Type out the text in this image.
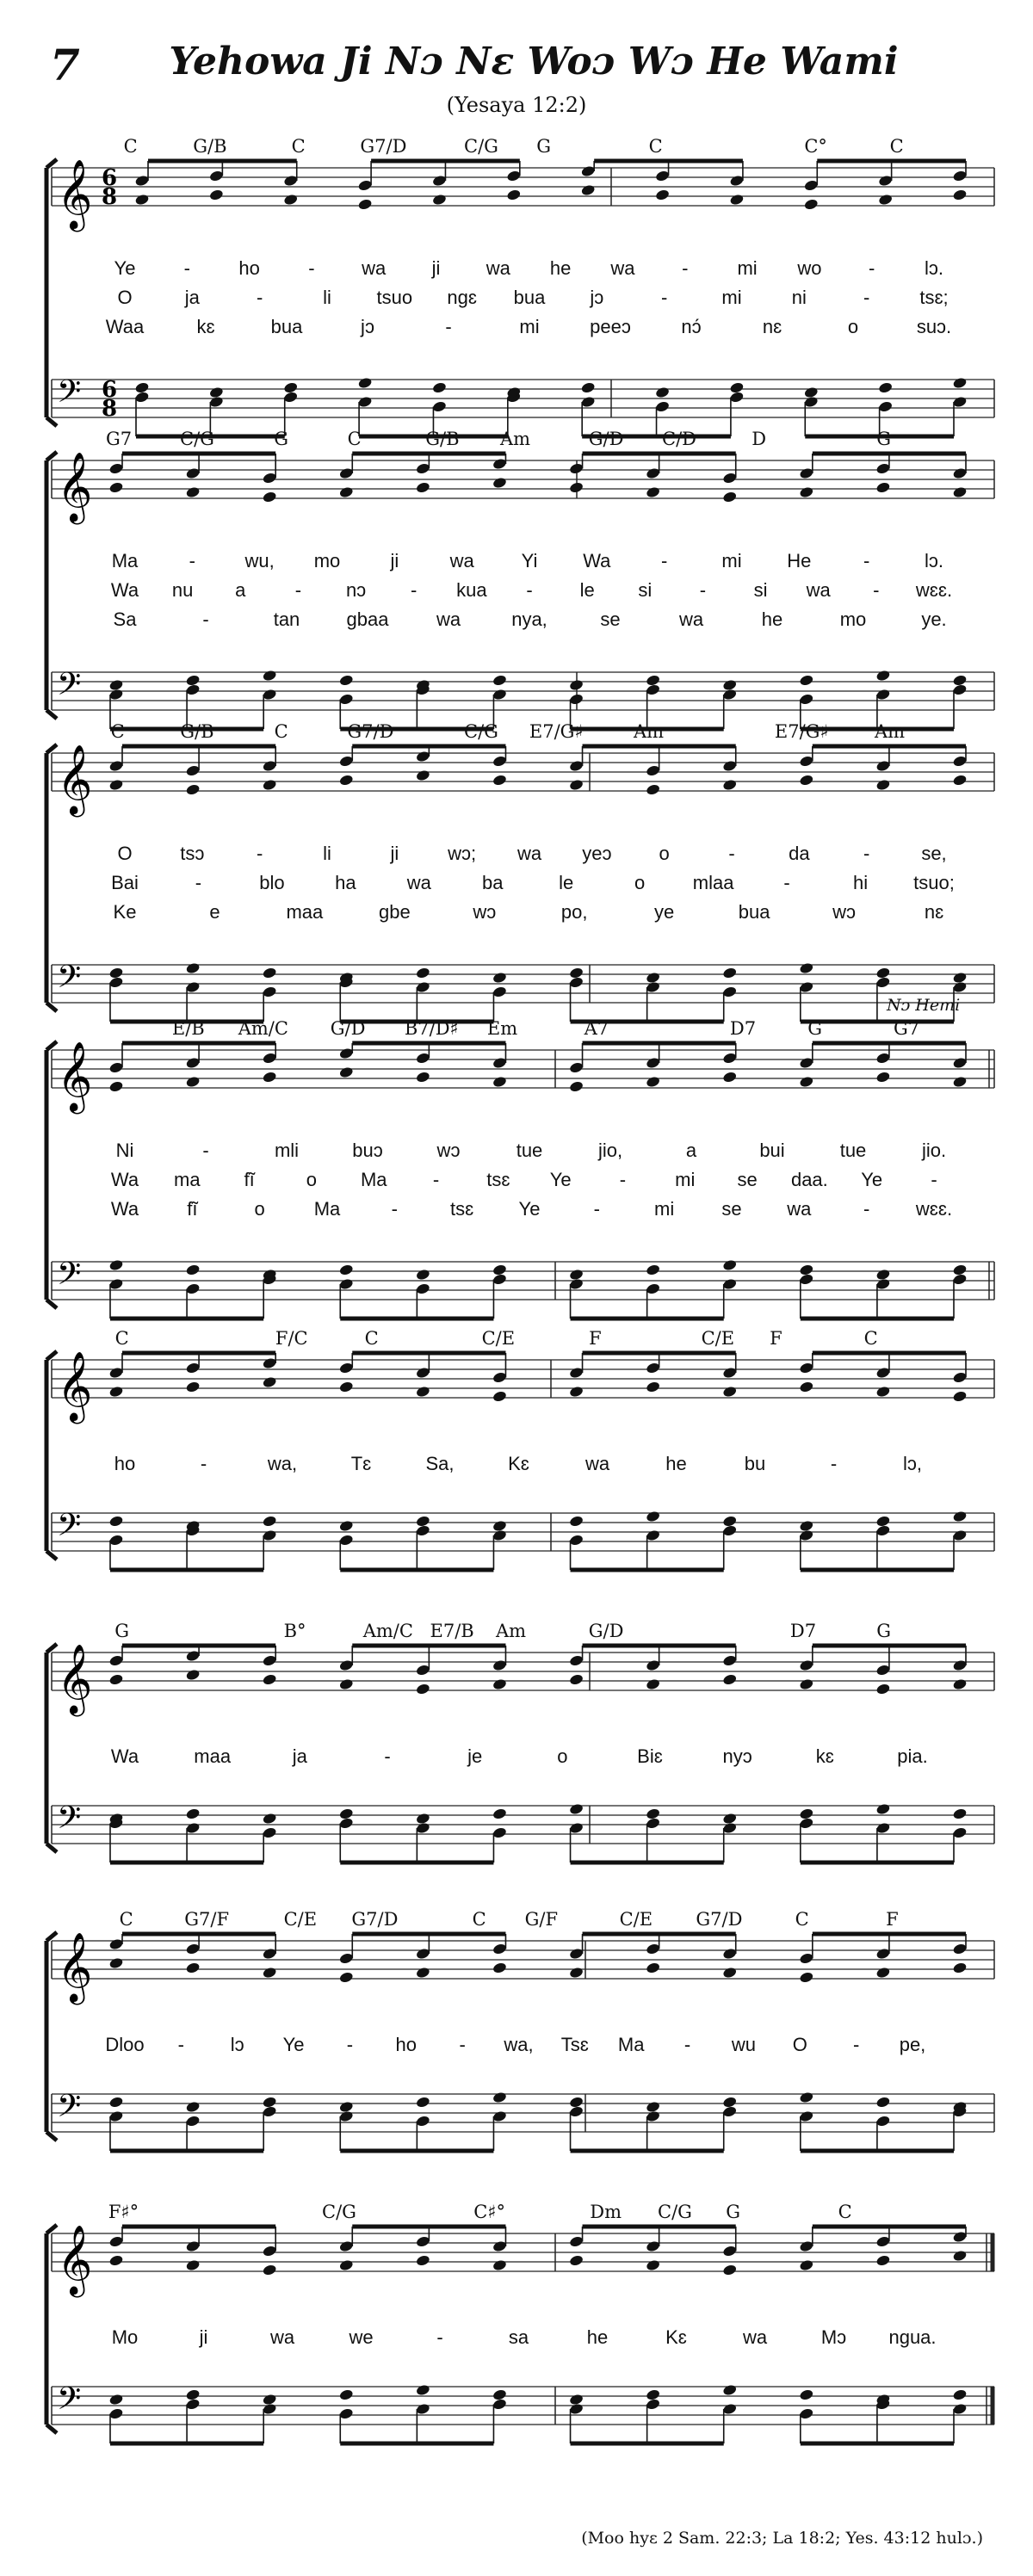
7	Yehowa Ji Nɔ Nɛ Woɔ Wɔ He Wami
(Yesaya 12:2)
𝄞
𝄢
6
8
6
8
𝄞
𝄢
𝄞
𝄢
𝄞
𝄢
𝄞
𝄢
𝄞
𝄢
𝄞
𝄢
𝄞
𝄢
C	G/B	C	G7/D	C/G G	C	C°	C
Ye	-	ho	- wa ji wa he wa -	mi wo -	lɔ.
O	ja	-	li tsuo ngɛ bua jɔ	-	mi	ni	-	tsɛ;
Waa	kɛ	bua	jɔ	-	mi	peeɔ	nɔ́	nɛ	o	suɔ.
G7	C/G	G	C	G/B Am	G/D C/D	D	G
Ma	-	wu, mo	ji	wa Yi Wa	-	mi He	-	lɔ.
Wa nu a	- nɔ - kua - le si	-	si wa - wɛɛ.
Sa	-	tan gbaa	wa	nya,	se	wa	he	mo	ye.
C	G/B	C	G7/D	C/G E7/G♯	Am	E7/G♯	Am
O	tsɔ	-	li	ji	wɔ; wa yeɔ	o	-	da	-	se,
Bai	-	blo	ha	wa	ba	le	o	mlaa	-	hi tsuo;
Ke	e	maa	gbe	wɔ	po,	ye	bua	wɔ	nɛ
E/B Am/C G/D B7/D♯ Em	A7	D7	G	G7
Nɔ Hemi
Ni	-	mli	buɔ	wɔ	tue	jio,	a	bui	tue	jio.
Wa ma fĩ	o Ma -	tsɛ Ye	-	mi se daa. Ye	-
Wa	fĩ	o	Ma	-	tsɛ Ye	-	mi	se wa	- wɛɛ.
C	F/C	C	C/E	F	C/E F	C
ho	-	wa,	Tɛ	Sa,	Kɛ	wa	he	bu	-	lɔ,
G	B°	Am/C E7/B Am	G/D	D7	G
Wa	maa	ja	-	je	o	Biɛ	nyɔ	kɛ	pia.
C	G7/F	C/E G7/D	C G/F	C/E G7/D	C	F
Dloo - lɔ Ye - ho - wa, Tsɛ Ma - wu O - pe,
F♯°	C/G	C♯°	Dm C/G G	C
Mo	ji	wa	we	-	sa	he	Kɛ	wa	Mɔ ngua.
(Moo hyɛ 2 Sam. 22:3; La 18:2; Yes. 43:12 hulɔ.)
